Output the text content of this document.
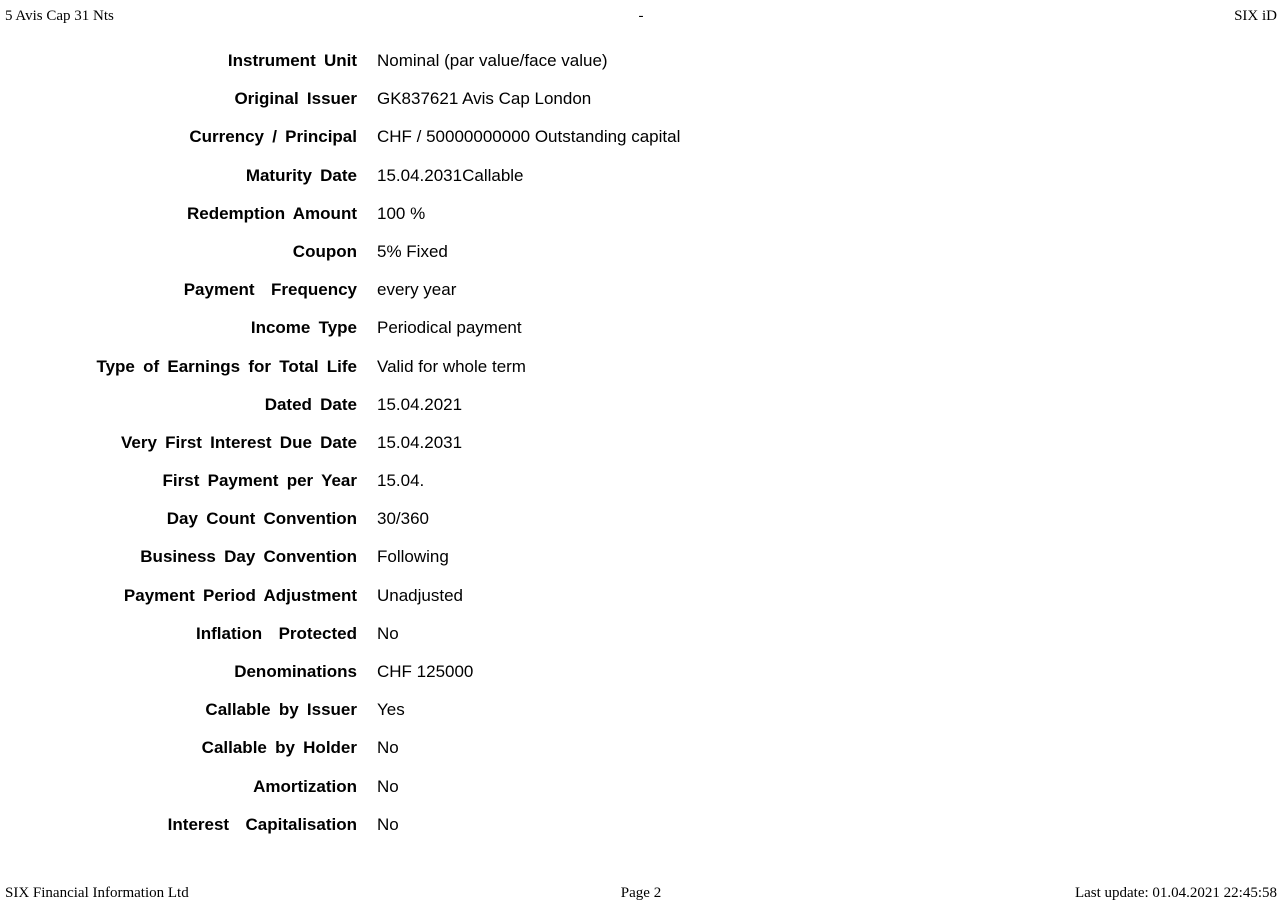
5 Avis Cap 31 Nts

	-

	SIX iD

Instrument Unit Nominal (par value/face value)
Original Issuer GK837621 Avis Cap London
Currency / Principal CHF / 50000000000 Outstanding capital
Maturity Date 15.04.2031Callable
Redemption Amount 100 %
Coupon 5% Fixed
Payment  Frequency every year
Income Type Periodical payment
Type of Earnings for Total Life Valid for whole term
Dated Date 15.04.2021
Very First Interest Due Date 15.04.2031
First Payment per Year 15.04.
Day Count Convention 30/360
Business Day Convention Following
Payment Period Adjustment Unadjusted
Inflation  Protected No
Denominations CHF 125000
Callable by Issuer Yes
Callable by Holder No
Amortization No
Interest  Capitalisation No

SIX Financial Information Ltd

	Page 2

	Last update: 01.04.2021 22:45:58
